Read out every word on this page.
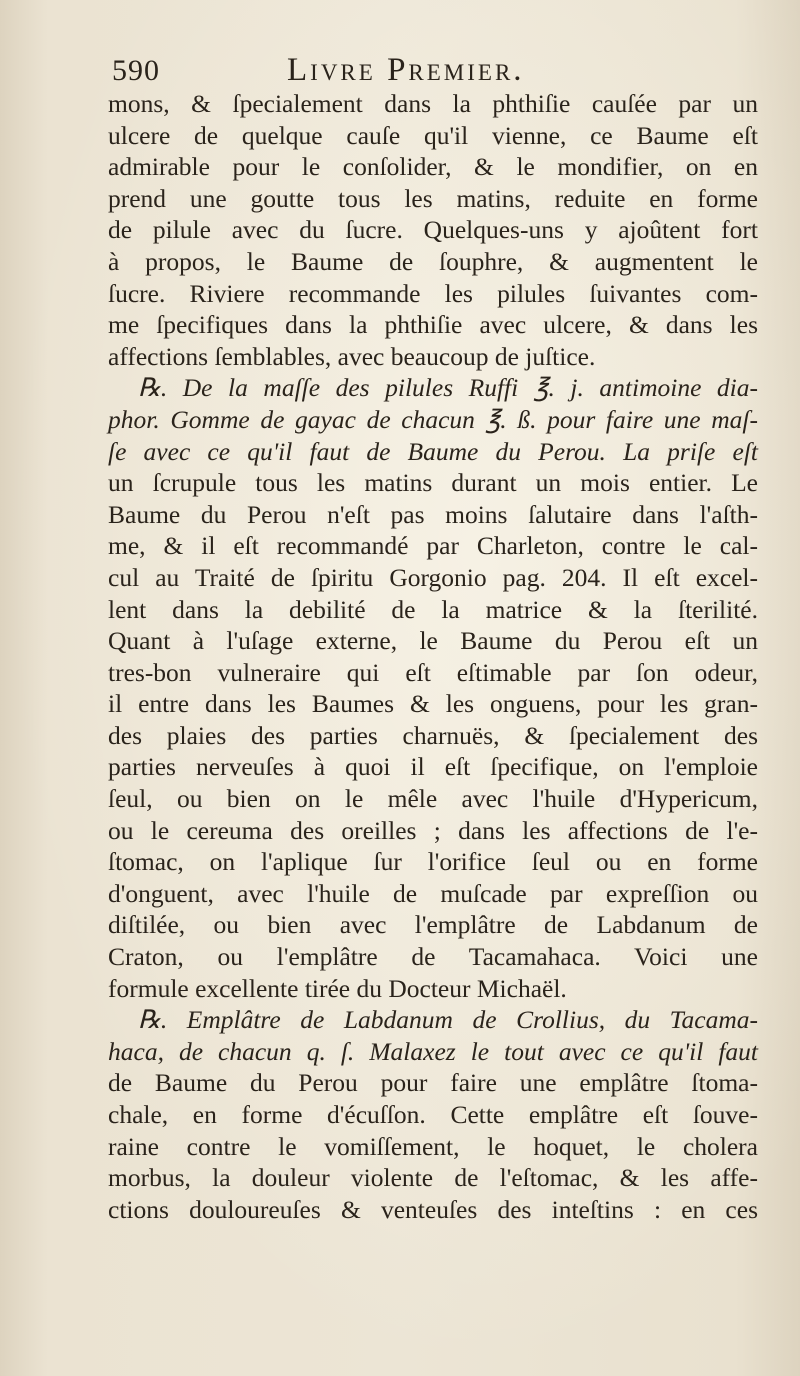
590	Livre Premier.
mons, & ſpecialement dans la phthiſie cauſée par un
ulcere de quelque cauſe qu'il vienne, ce Baume eſt
admirable pour le conſolider, & le mondifier, on en
prend une goutte tous les matins, reduite en forme
de pilule avec du ſucre. Quelques-uns y ajoûtent fort
à propos, le Baume de ſouphre, & augmentent le
ſucre. Riviere recommande les pilules ſuivantes com-
me ſpecifiques dans la phthiſie avec ulcere, & dans les
affections ſemblables, avec beaucoup de juſtice.
℞. De la maſſe des pilules Ruffi ℥. j. antimoine dia-
phor. Gomme de gayac de chacun ℥. ß. pour faire une maſ-
ſe avec ce qu'il faut de Baume du Perou. La priſe eſt
un ſcrupule tous les matins durant un mois entier. Le
Baume du Perou n'eſt pas moins ſalutaire dans l'aſth-
me, & il eſt recommandé par Charleton, contre le cal-
cul au Traité de ſpiritu Gorgonio pag. 204. Il eſt excel-
lent dans la debilité de la matrice & la ſterilité.
Quant à l'uſage externe, le Baume du Perou eſt un
tres-bon vulneraire qui eſt eſtimable par ſon odeur,
il entre dans les Baumes & les onguens, pour les gran-
des plaies des parties charnuës, & ſpecialement des
parties nerveuſes à quoi il eſt ſpecifique, on l'emploie
ſeul, ou bien on le mêle avec l'huile d'Hypericum,
ou le cereuma des oreilles ; dans les affections de l'e-
ſtomac, on l'aplique ſur l'orifice ſeul ou en forme
d'onguent, avec l'huile de muſcade par expreſſion ou
diſtilée, ou bien avec l'emplâtre de Labdanum de
Craton, ou l'emplâtre de Tacamahaca. Voici une
formule excellente tirée du Docteur Michaël.
℞. Emplâtre de Labdanum de Crollius, du Tacama-
haca, de chacun q. ſ. Malaxez le tout avec ce qu'il faut
de Baume du Perou pour faire une emplâtre ſtoma-
chale, en forme d'écuſſon. Cette emplâtre eſt ſouve-
raine contre le vomiſſement, le hoquet, le cholera
morbus, la douleur violente de l'eſtomac, & les affe-
ctions douloureuſes & venteuſes des inteſtins : en ces
